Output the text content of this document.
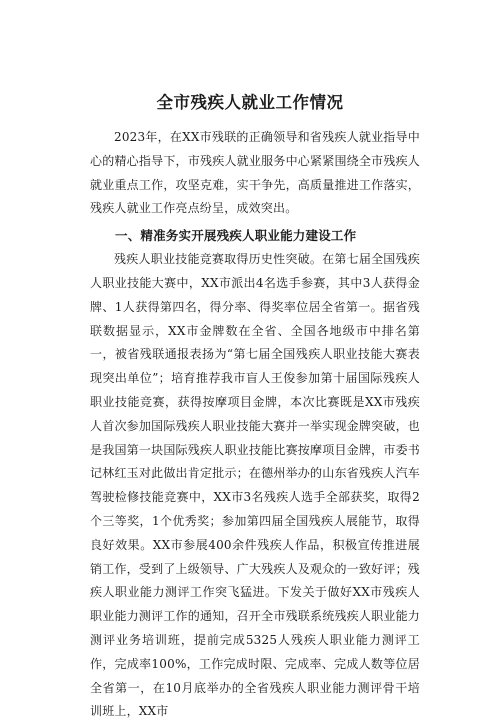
全市残疾人就业工作情况

2023年，在XX市残联的正确领导和省残疾人就业指导中心的精心指导下，市残疾人就业服务中心紧紧围绕全市残疾人就业重点工作，攻坚克难，实干争先，高质量推进工作落实，残疾人就业工作亮点纷呈，成效突出。

一、精准务实开展残疾人职业能力建设工作

残疾人职业技能竞赛取得历史性突破。在第七届全国残疾人职业技能大赛中，XX市派出4名选手参赛，其中3人获得金牌、1人获得第四名，得分率、得奖率位居全省第一。据省残联数据显示，XX市金牌数在全省、全国各地级市中排名第一，被省残联通报表扬为“第七届全国残疾人职业技能大赛表现突出单位”；培育推荐我市盲人王俊参加第十届国际残疾人职业技能竞赛，获得按摩项目金牌，本次比赛既是XX市残疾人首次参加国际残疾人职业技能大赛并一举实现金牌突破，也是我国第一块国际残疾人职业技能比赛按摩项目金牌，市委书记林红玉对此做出肯定批示；在德州举办的山东省残疾人汽车驾驶检修技能竞赛中，XX市3名残疾人选手全部获奖，取得2个三等奖，1个优秀奖；参加第四届全国残疾人展能节，取得良好效果。XX市参展400余件残疾人作品，积极宣传推进展销工作，受到了上级领导、广大残疾人及观众的一致好评；残疾人职业能力测评工作突飞猛进。下发关于做好XX市残疾人职业能力测评工作的通知，召开全市残联系统残疾人职业能力测评业务培训班，提前完成5325人残疾人职业能力测评工作，完成率100%，工作完成时限、完成率、完成人数等位居全省第一，在10月底举办的全省残疾人职业能力测评骨干培训班上，XX市
